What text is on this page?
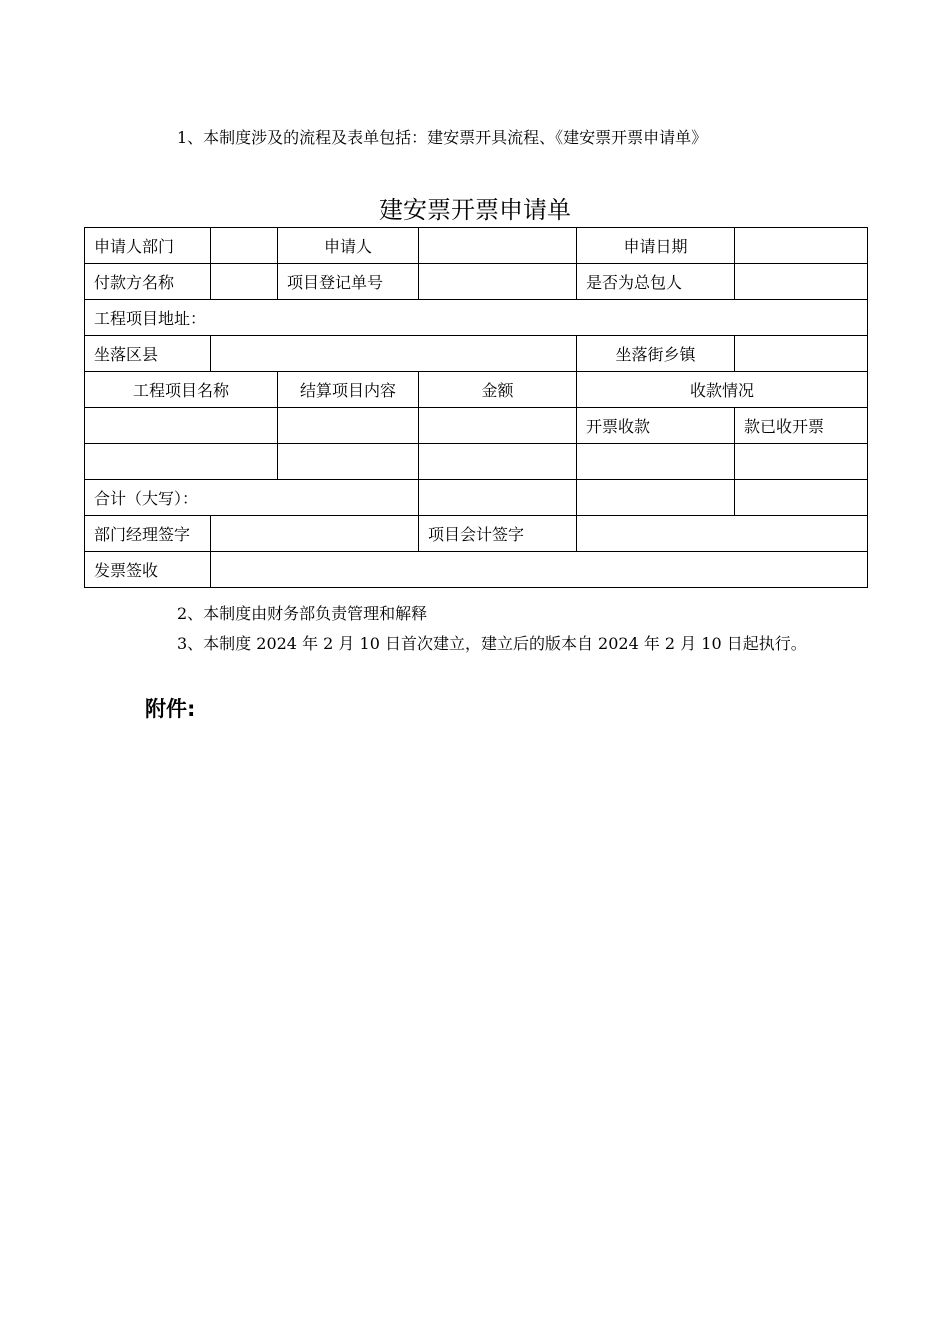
1、本制度涉及的流程及表单包括：建安票开具流程、《建安票开票申请单》

建安票开票申请单
申请人部门		申请人		申请日期	
付款方名称		项目登记单号		是否为总包人	
工程项目地址：					
坐落区县				坐落街乡镇	
工程项目名称		结算项目内容	金额	收款情况	
				开票收款	款已收开票

合计（大写）：					
部门经理签字			项目会计签字		
发票签收					

2、本制度由财务部负责管理和解释

3、本制度 2024 年 2 月 10 日首次建立，建立后的版本自 2024 年 2 月 10 日起执行。

附件:
